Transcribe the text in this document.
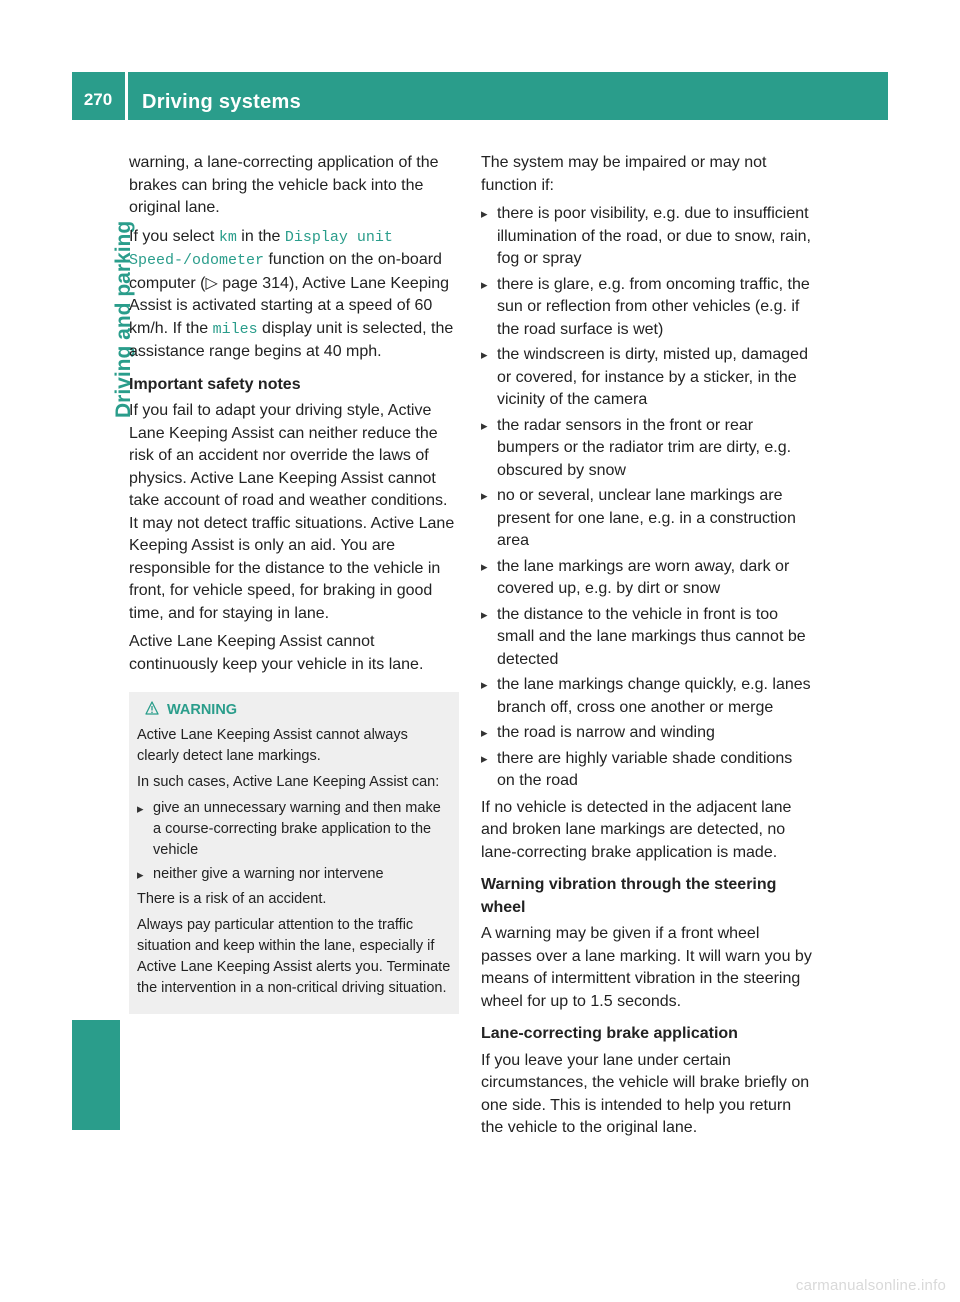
270	Driving systems
Driving and parking

warning, a lane-correcting application of the brakes can bring the vehicle back into the original lane.

If you select km in the Display unit Speed-/odometer function on the on-board computer (▷ page 314), Active Lane Keeping Assist is activated starting at a speed of 60 km/h. If the miles display unit is selected, the assistance range begins at 40 mph.

Important safety notes

If you fail to adapt your driving style, Active Lane Keeping Assist can neither reduce the risk of an accident nor override the laws of physics. Active Lane Keeping Assist cannot take account of road and weather conditions. It may not detect traffic situations. Active Lane Keeping Assist is only an aid. You are responsible for the distance to the vehicle in front, for vehicle speed, for braking in good time, and for staying in lane.

Active Lane Keeping Assist cannot continuously keep your vehicle in its lane.

WARNING

Active Lane Keeping Assist cannot always clearly detect lane markings.

In such cases, Active Lane Keeping Assist can:

▸ give an unnecessary warning and then make a course-correcting brake application to the vehicle
▸ neither give a warning nor intervene

There is a risk of an accident.

Always pay particular attention to the traffic situation and keep within the lane, especially if Active Lane Keeping Assist alerts you. Terminate the intervention in a non-critical driving situation.

The system may be impaired or may not function if:

▸ there is poor visibility, e.g. due to insufficient illumination of the road, or due to snow, rain, fog or spray
▸ there is glare, e.g. from oncoming traffic, the sun or reflection from other vehicles (e.g. if the road surface is wet)
▸ the windscreen is dirty, misted up, damaged or covered, for instance by a sticker, in the vicinity of the camera
▸ the radar sensors in the front or rear bumpers or the radiator trim are dirty, e.g. obscured by snow
▸ no or several, unclear lane markings are present for one lane, e.g. in a construction area
▸ the lane markings are worn away, dark or covered up, e.g. by dirt or snow
▸ the distance to the vehicle in front is too small and the lane markings thus cannot be detected
▸ the lane markings change quickly, e.g. lanes branch off, cross one another or merge
▸ the road is narrow and winding
▸ there are highly variable shade conditions on the road

If no vehicle is detected in the adjacent lane and broken lane markings are detected, no lane-correcting brake application is made.

Warning vibration through the steering wheel

A warning may be given if a front wheel passes over a lane marking. It will warn you by means of intermittent vibration in the steering wheel for up to 1.5 seconds.

Lane-correcting brake application

If you leave your lane under certain circumstances, the vehicle will brake briefly on one side. This is intended to help you return the vehicle to the original lane.

carmanualsonline.info
